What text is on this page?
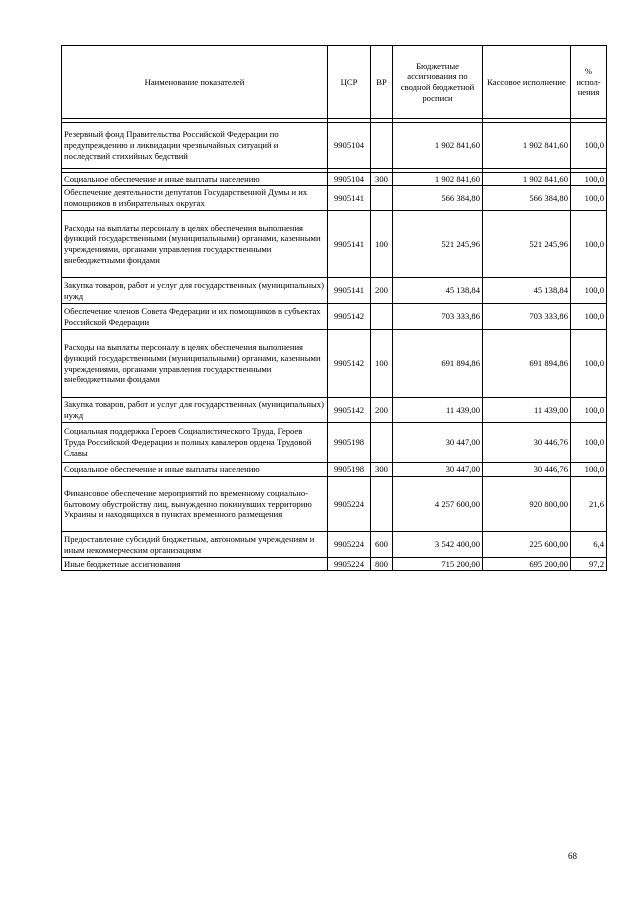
Наименование показателей	ЦСР	ВР	Бюджетные ассигнования по сводной бюджетной росписи	Кассовое исполнение	% испол-нения

Резервный фонд Правительства Российской Федерации по предупреждению и ликвидации чрезвычайных ситуаций и последствий стихийных бедствий	9905104		1 902 841,60	1 902 841,60	100,0

Социальное обеспечение и иные выплаты населению	9905104	300	1 902 841,60	1 902 841,60	100,0
Обеспечение деятельности депутатов Государственной Думы и их помощников в избирательных округах	9905141		566 384,80	566 384,80	100,0
Расходы на выплаты персоналу в целях обеспечения выполнения функций государственными (муниципальными) органами, казенными учреждениями, органами управления государственными внебюджетными фондами	9905141	100	521 245,96	521 245,96	100,0
Закупка товаров, работ и услуг для государственных (муниципальных) нужд	9905141	200	45 138,84	45 138,84	100,0
Обеспечение членов Совета Федерации и их помощников в субъектах Российской Федерации	9905142		703 333,86	703 333,86	100,0
Расходы на выплаты персоналу в целях обеспечения выполнения функций государственными (муниципальными) органами, казенными учреждениями, органами управления государственными внебюджетными фондами	9905142	100	691 894,86	691 894,86	100,0
Закупка товаров, работ и услуг для государственных (муниципальных) нужд	9905142	200	11 439,00	11 439,00	100,0
Социальная поддержка Героев Социалистического Труда, Героев Труда Российской Федерации и полных кавалеров ордена Трудовой Славы	9905198		30 447,00	30 446,76	100,0
Социальное обеспечение и иные выплаты населению	9905198	300	30 447,00	30 446,76	100,0
Финансовое обеспечение мероприятий по временному социально-бытовому обустройству лиц, вынужденно покинувших территорию Украины и находящихся в пунктах временного размещения	9905224		4 257 600,00	920 800,00	21,6
Предоставление субсидий бюджетным, автономным учреждениям и иным некоммерческим организациям	9905224	600	3 542 400,00	225 600,00	6,4
Иные бюджетные ассигнования	9905224	800	715 200,00	695 200,00	97,2
68
